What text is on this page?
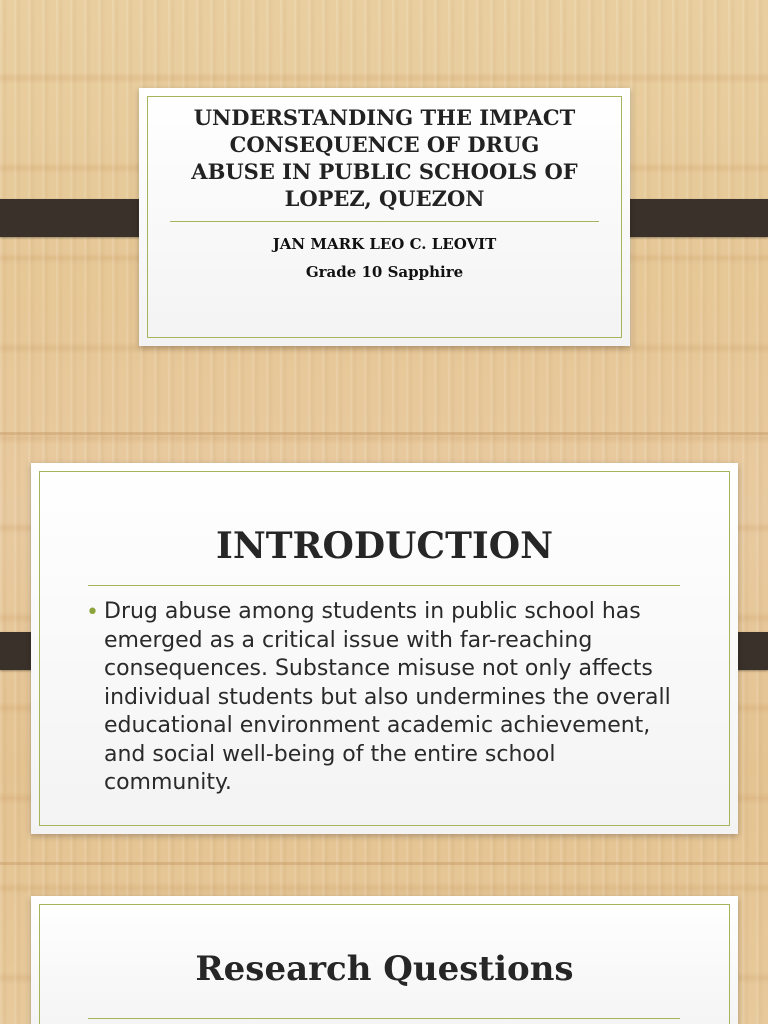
UNDERSTANDING THE IMPACT
CONSEQUENCE OF DRUG
ABUSE IN PUBLIC SCHOOLS OF
LOPEZ, QUEZON
JAN MARK LEO C. LEOVIT
Grade 10 Sapphire
INTRODUCTION
• Drug abuse among students in public school has emerged as a critical issue with far-reaching consequences. Substance misuse not only affects individual students but also undermines the overall educational environment academic achievement, and social well-being of the entire school community.
Research Questions
